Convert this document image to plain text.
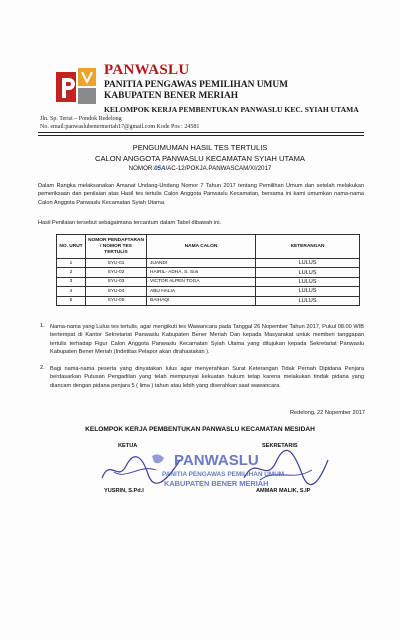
PANWASLU
PANITIA PENGAWAS PEMILIHAN UMUM
KABUPATEN BENER MERIAH
KELOMPOK KERJA PEMBENTUKAN PANWASLU KEC. SYIAH UTAMA
Jln. Sp. Terist – Pondok Redelong
No. email:panwaslubenermeriah17@gmail.com Kode Pos : 24581
PENGUMUMAN HASIL TES TERTULIS
CALON ANGGOTA PANWASLU KECAMATAN SYIAH UTAMA
NOMOR:05A/AC-12/POKJA.PANWASCAM/XI/2017

Dalam Rangka melaksanakan Amanat Undang-Undang Nomor 7 Tahun 2017 tentang Pemilihan Umum dan setelah melakukan pemeriksaan dan penilaian atas Hasil tes tertulis Calon Anggota Panwaslu Kecamatan, bersama ini kami umumkan nama-nama Calon Anggota Panwaslu Kecamatan Syiah Utama.

Hasil Penilaian tersebut sebagaimana tercantum dalam Tabel dibawah ini.

NO. URUT	NOMOR PENDAFTARAN / NOMOR TES TERTULIS	NAMA CALON	KETERANGAN
1	SYU-01	JUANDI	LULUS
2	SYU-02	HAIRIL- ADHA, S. Sos	LULUS
3	SYU-03	VICTOR ALPEN TOGA	LULUS
4	SYU-04	ABU HALIA	LULUS
5	SYU-05	BAIHAQI	LULUS
1. Nama-nama yang Lulus tes tertulis, agar mengikuti tes Wawancara pada Tanggal 26 Nopember Tahun 2017, Pukul 08.00 WIB bertempat di Kantor Sekretariat Panwaslu Kabupaten Bener Meriah Dan kepada Masyarakat untuk memberi tanggapan tertulis terhadap Figur Calon Anggota Panwaslu Kecamatan Syiah Utama yang ditujukan kepada Sekretariat Panwaslu Kabupaten Bener Meriah (Indetitas Pelapor akan dirahasiakan ).

2. Bagi nama-nama peserta yang dinyatakan lulus agar menyerahkan Surat Keterangan Tidak Pernah Dipidana Penjara berdasarkan Putusan Pengadilan yang telah mempunyai kekuatan hukum tetap karena melakukan tindak pidana yang diancam dengan pidana penjara 5 ( lima ) tahun atau lebih yang diserahkan saat wawancara.

Redelong, 22 Nopember 2017
KELOMPOK KERJA PEMBENTUKAN PANWASLU KECAMATAN MESIDAH
KETUA	SEKRETARIS
PANWASLU
PANITIA PENGAWAS PEMILIHAN UMUM
KABUPATEN BENER MERIAH
YUSRIN, S.Pd.I	AMMAR MALIK, S.IP
